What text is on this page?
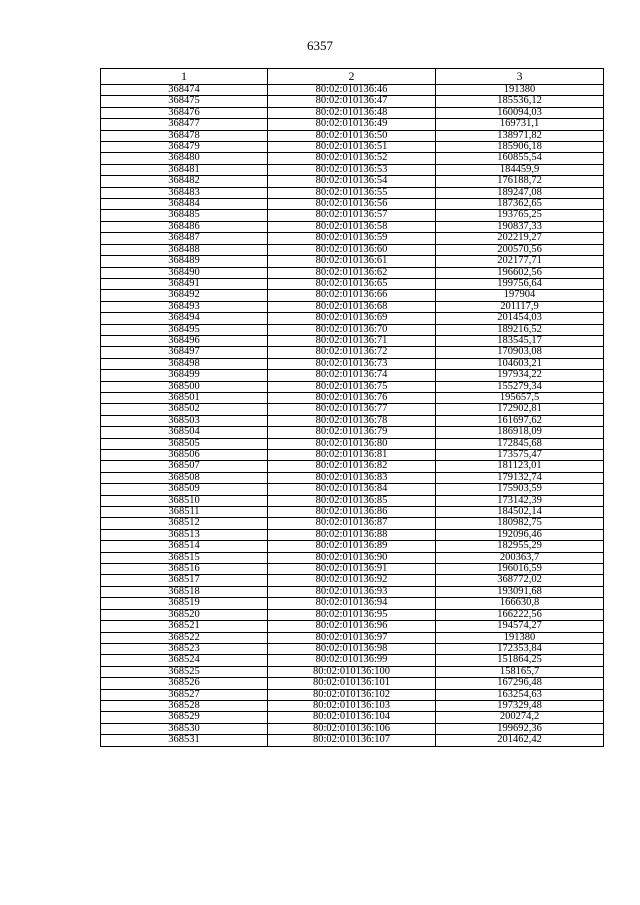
6357
1	2	3
368474	80:02:010136:46	191380
368475	80:02:010136:47	185536,12
368476	80:02:010136:48	160094,03
368477	80:02:010136:49	169731,1
368478	80:02:010136:50	138971,82
368479	80:02:010136:51	185906,18
368480	80:02:010136:52	160855,54
368481	80:02:010136:53	184459,9
368482	80:02:010136:54	176188,72
368483	80:02:010136:55	189247,08
368484	80:02:010136:56	187362,65
368485	80:02:010136:57	193765,25
368486	80:02:010136:58	190837,33
368487	80:02:010136:59	202219,27
368488	80:02:010136:60	200570,56
368489	80:02:010136:61	202177,71
368490	80:02:010136:62	196602,56
368491	80:02:010136:65	199756,64
368492	80:02:010136:66	197904
368493	80:02:010136:68	201117,9
368494	80:02:010136:69	201454,03
368495	80:02:010136:70	189216,52
368496	80:02:010136:71	183545,17
368497	80:02:010136:72	170903,08
368498	80:02:010136:73	104603,21
368499	80:02:010136:74	197934,22
368500	80:02:010136:75	155279,34
368501	80:02:010136:76	195657,5
368502	80:02:010136:77	172902,81
368503	80:02:010136:78	161697,62
368504	80:02:010136:79	186918,09
368505	80:02:010136:80	172845,68
368506	80:02:010136:81	173575,47
368507	80:02:010136:82	181123,01
368508	80:02:010136:83	179132,74
368509	80:02:010136:84	175903,59
368510	80:02:010136:85	173142,39
368511	80:02:010136:86	184502,14
368512	80:02:010136:87	180982,75
368513	80:02:010136:88	192096,46
368514	80:02:010136:89	182955,29
368515	80:02:010136:90	200363,7
368516	80:02:010136:91	196016,59
368517	80:02:010136:92	368772,02
368518	80:02:010136:93	193091,68
368519	80:02:010136:94	166630,8
368520	80:02:010136:95	166222,56
368521	80:02:010136:96	194574,27
368522	80:02:010136:97	191380
368523	80:02:010136:98	172353,84
368524	80:02:010136:99	151864,25
368525	80:02:010136:100	158165,7
368526	80:02:010136:101	167296,48
368527	80:02:010136:102	163254,63
368528	80:02:010136:103	197329,48
368529	80:02:010136:104	200274,2
368530	80:02:010136:106	199692,36
368531	80:02:010136:107	201462,42
